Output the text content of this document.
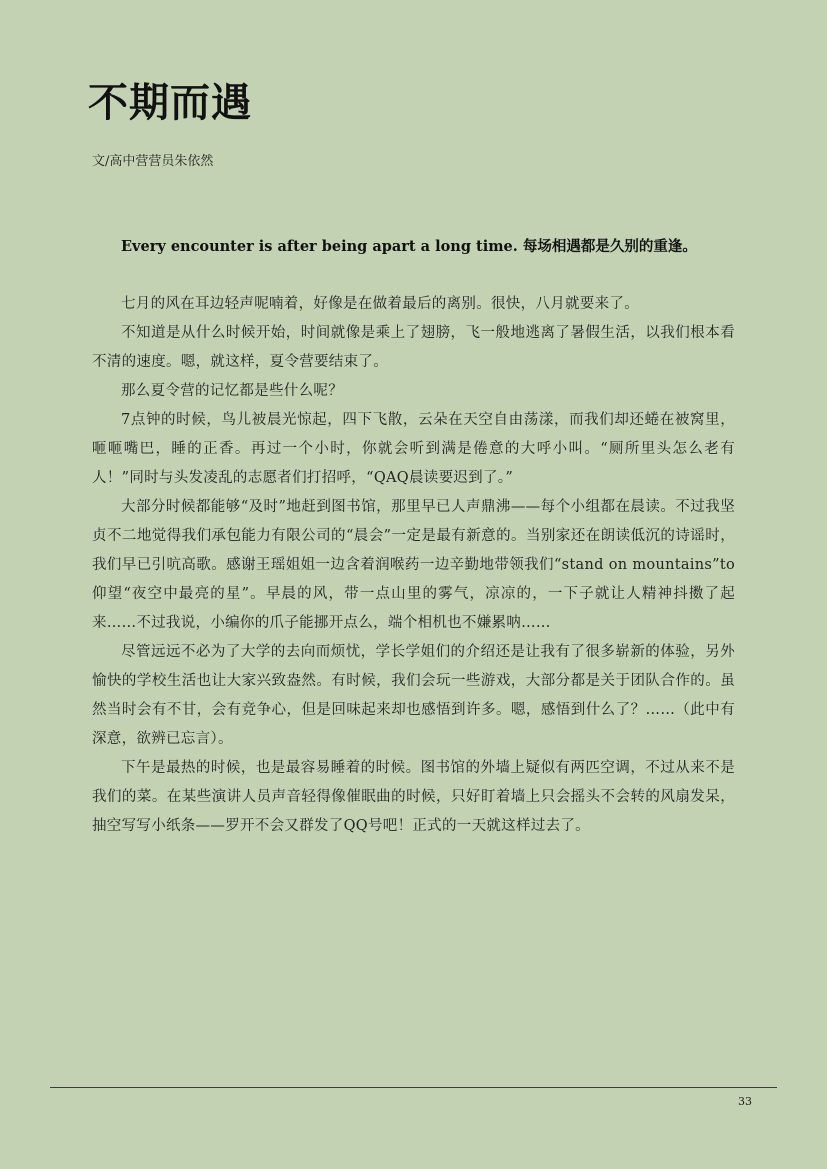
不期而遇
文/高中营营员朱依然
Every encounter is after being apart a long time. 每场相遇都是久别的重逢。

七月的风在耳边轻声呢喃着，好像是在做着最后的离别。很快，八月就要来了。

不知道是从什么时候开始，时间就像是乘上了翅膀，飞一般地逃离了暑假生活，以我们根本看不清的速度。嗯，就这样，夏令营要结束了。

那么夏令营的记忆都是些什么呢？

7点钟的时候，鸟儿被晨光惊起，四下飞散，云朵在天空自由荡漾，而我们却还蜷在被窝里，咂咂嘴巴，睡的正香。再过一个小时，你就会听到满是倦意的大呼小叫。“厕所里头怎么老有人！”同时与头发凌乱的志愿者们打招呼，“QAQ晨读要迟到了。”

大部分时候都能够“及时”地赶到图书馆，那里早已人声鼎沸——每个小组都在晨读。不过我坚贞不二地觉得我们承包能力有限公司的“晨会”一定是最有新意的。当别家还在朗读低沉的诗谣时，我们早已引吭高歌。感谢王瑶姐姐一边含着润喉药一边辛勤地带领我们“stand on mountains”to 仰望“夜空中最亮的星”。早晨的风，带一点山里的雾气，凉凉的，一下子就让人精神抖擞了起来…...不过我说，小编你的爪子能挪开点么，端个相机也不嫌累呐……

尽管远远不必为了大学的去向而烦忧，学长学姐们的介绍还是让我有了很多崭新的体验，另外愉快的学校生活也让大家兴致盎然。有时候，我们会玩一些游戏，大部分都是关于团队合作的。虽然当时会有不甘，会有竞争心，但是回味起来却也感悟到许多。嗯，感悟到什么了？……（此中有深意，欲辨已忘言）。

下午是最热的时候，也是最容易睡着的时候。图书馆的外墙上疑似有两匹空调，不过从来不是我们的菜。在某些演讲人员声音轻得像催眠曲的时候，只好盯着墙上只会摇头不会转的风扇发呆，抽空写写小纸条——罗开不会又群发了QQ号吧！正式的一天就这样过去了。

33
